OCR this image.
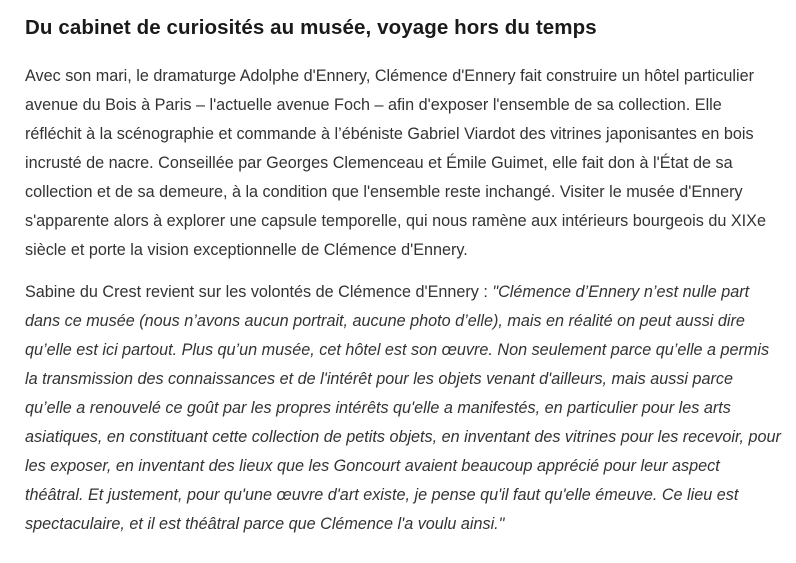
Du cabinet de curiosités au musée, voyage hors du temps

Avec son mari, le dramaturge Adolphe d'Ennery, Clémence d'Ennery fait construire un hôtel particulier avenue du Bois à Paris – l'actuelle avenue Foch – afin d'exposer l'ensemble de sa collection. Elle réfléchit à la scénographie et commande à l’ébéniste Gabriel Viardot des vitrines japonisantes en bois incrusté de nacre. Conseillée par Georges Clemenceau et Émile Guimet, elle fait don à l'État de sa collection et de sa demeure, à la condition que l'ensemble reste inchangé. Visiter le musée d'Ennery s'apparente alors à explorer une capsule temporelle, qui nous ramène aux intérieurs bourgeois du XIXe siècle et porte la vision exceptionnelle de Clémence d'Ennery.

Sabine du Crest revient sur les volontés de Clémence d'Ennery : "Clémence d’Ennery n’est nulle part dans ce musée (nous n’avons aucun portrait, aucune photo d’elle), mais en réalité on peut aussi dire qu’elle est ici partout. Plus qu’un musée, cet hôtel est son œuvre. Non seulement parce qu’elle a permis la transmission des connaissances et de l'intérêt pour les objets venant d'ailleurs, mais aussi parce qu’elle a renouvelé ce goût par les propres intérêts qu'elle a manifestés, en particulier pour les arts asiatiques, en constituant cette collection de petits objets, en inventant des vitrines pour les recevoir, pour les exposer, en inventant des lieux que les Goncourt avaient beaucoup apprécié pour leur aspect théâtral. Et justement, pour qu'une œuvre d'art existe, je pense qu'il faut qu'elle émeuve. Ce lieu est spectaculaire, et il est théâtral parce que Clémence l'a voulu ainsi."
